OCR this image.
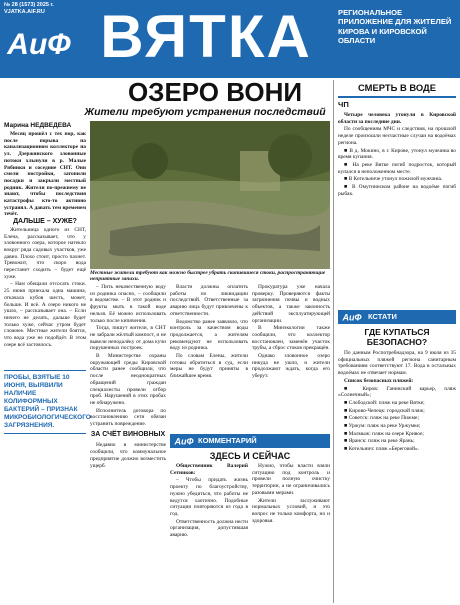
№ 28 (1573) 2025 г.
VJATKA.AIF.RU
АиФ ВЯТКА	РЕГИОНАЛЬНОЕ ПРИЛОЖЕНИЕ ДЛЯ ЖИТЕЛЕЙ КИРОВА И КИРОВСКОЙ ОБЛАСТИ
ОЗЕРО ВОНИ
Жители требуют устранения последствий
Марина НЕДВЕДЕВА

Месяц прошёл с тех пор, как после порыва на канализационном коллекторе на ул. Дзержинского зловонные потоки хлынули в р. Малые Рябинки и соседние СНТ. Они смели постройки, затопили посадки и закрыли местный родник. Жители по-прежнему не знают, чтобы последствия катастрофы кто-то активно устранял. А давать тем временем течёт.

ДАЛЬШЕ – ХУЖЕ?

Жительница одного из СНТ, Елена, рассказывает, что у зловонного озера, которое натекло вокруг ряда садовых участков, уже давно. Плохо стоит, просто пахнет. Тревожит, что скоро вода перестанет сходить – будет ещё хуже.

– Нам обещали отсосать стоки. 25 июня приехала одна машина, откачала кубов шесть, может, больше. И всё. А озеро никого не ушло, – рассказывает она. – Если ничего не делать, дальше будет только хуже, сейчас утром будет сложнее. Местные жители боятся, что вода уже не подойдёт. В этом озере всё застоялось.

ПРОБЫ, ВЗЯТЫЕ 10 ИЮНЯ, ВЫЯВИЛИ НАЛИЧИЕ КОЛИФОРМНЫХ БАКТЕРИЙ – ПРИЗНАК МИКРОБИОЛОГИЧЕСКОГО ЗАГРЯЗНЕНИЯ.
Местные жители требуют как можно быстрее убрать скопившиеся стоки, распространяющие неприятные запахи.

– Пить некачественную воду из родника опасно, – сообщили в ведомстве. – В этот родник и фрукты мыть в такой воде нельзя. Её можно использовать только после кипячения.

Тогда, пишут жители, в СНТ не забрали жёлтый компост, и не вывели неподалёку от дома кучи порушенных построек.

В Министерстве охраны окружающей среды Кировской области ранее сообщили, что после неоднократных обращений граждан специалисты провели отбор проб. Нарушений в этих пробах не обнаружено.

Исполнитель договора по восстановлению сети обязан устранить повреждение.

ЗА СЧЁТ ВИНОВНЫХ

Недавно в министерстве сообщили, что коммунальное предприятие должно возместить ущерб.

Власти должны оплатить работы по ликвидации последствий. Ответственные за аварию лица будут привлечены к ответственности.

Ведомство ранее заявляло, что контроль за качеством воды продолжается, а жителям рекомендуют не использовать воду из родника.

По словам Елены, жители готовы обратиться в суд, если меры не будут приняты в ближайшее время.

Прокуратура уже начала проверку. Проверяются факты загрязнения почвы и водных объектов, а также законность действий эксплуатирующей организации.

В Минэкологии также сообщили, что коллектор восстановлен, заменён участок трубы, а сброс стоков прекращён.

Однако зловонное озеро никуда не ушло, и жители продолжают ждать, когда его уберут.

АиФ КОММЕНТАРИЙ
ЗДЕСЬ И СЕЙЧАС

Общественник Валерий Сетников:

– Чтобы придать жизнь проекту по благоустройству, нужно убедиться, что работы не ведутся хаотично. Подобные ситуации повторяются из года в год.

Ответственность должна нести организация, допустившая аварию.

Нужно, чтобы власти взяли ситуацию под контроль и провели полную очистку территории, а не ограничивались разовыми мерами.

Жители заслуживают нормальных условий, и это вопрос не только комфорта, но и здоровья.

СМЕРТЬ В ВОДЕ
ЧП

Четыре человека утонули в Кировской области за последние дни.

По сообщениям МЧС и следствия, на прошлой неделе произошли несчастные случаи на водоёмах региона.

■ В д. Мокино, в г. Кирове, утонул мужчина во время купания.

■ На реке Вятке погиб подросток, который купался в неположенном месте.

■ В Котельниче утонул пожилой мужчина.

■ В Омутнинском районе на водоёме погиб рыбак.

АиФ КСТАТИ
ГДЕ КУПАТЬСЯ БЕЗОПАСНО?

По данным Роспотребнадзора, на 9 июля из 35 официальных пляжей региона санитарным требованиям соответствуют 17. Вода в остальных водоёмах не отвечает нормам.

Список безопасных пляжей:

■ Киров: Ганинский карьер, пляж «Солнечный»;

■ Слободской: пляж на реке Вятке;

■ Кирово-Чепецк: городской пляж;

■ Советск: пляж на реке Пижме;

■ Уржум: пляж на реке Уржумке;

■ Малмыж: пляж на озере Кривое;

■ Яранск: пляж на реке Ярань;

■ Котельнич: пляж «Береговой».
